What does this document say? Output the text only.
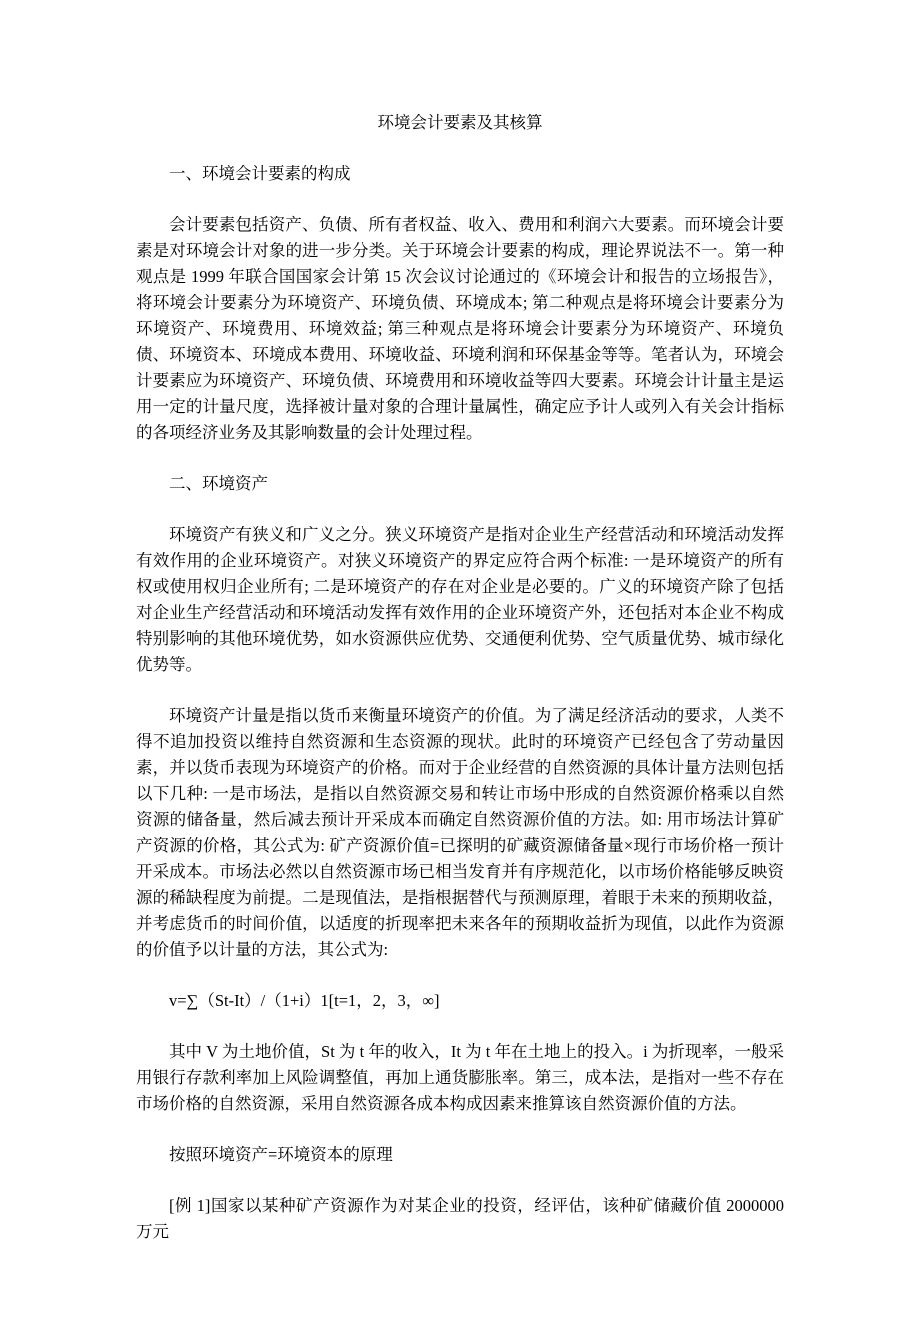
环境会计要素及其核算
一、环境会计要素的构成
会计要素包括资产、负债、所有者权益、收入、费用和利润六大要素。而环境会计要素是对环境会计对象的进一步分类。关于环境会计要素的构成，理论界说法不一。第一种观点是 1999 年联合国国家会计第 15 次会议讨论通过的《环境会计和报告的立场报告》，将环境会计要素分为环境资产、环境负债、环境成本; 第二种观点是将环境会计要素分为环境资产、环境费用、环境效益; 第三种观点是将环境会计要素分为环境资产、环境负债、环境资本、环境成本费用、环境收益、环境利润和环保基金等等。笔者认为，环境会计要素应为环境资产、环境负债、环境费用和环境收益等四大要素。环境会计计量主是运用一定的计量尺度，选择被计量对象的合理计量属性，确定应予计人或列入有关会计指标的各项经济业务及其影响数量的会计处理过程。
二、环境资产
环境资产有狭义和广义之分。狭义环境资产是指对企业生产经营活动和环境活动发挥有效作用的企业环境资产。对狭义环境资产的界定应符合两个标准: 一是环境资产的所有权或使用权归企业所有; 二是环境资产的存在对企业是必要的。广义的环境资产除了包括对企业生产经营活动和环境活动发挥有效作用的企业环境资产外，还包括对本企业不构成特别影响的其他环境优势，如水资源供应优势、交通便利优势、空气质量优势、城市绿化优势等。
环境资产计量是指以货币来衡量环境资产的价值。为了满足经济活动的要求，人类不得不追加投资以维持自然资源和生态资源的现状。此时的环境资产已经包含了劳动量因素，并以货币表现为环境资产的价格。而对于企业经营的自然资源的具体计量方法则包括以下几种: 一是市场法，是指以自然资源交易和转让市场中形成的自然资源价格乘以自然资源的储备量，然后减去预计开采成本而确定自然资源价值的方法。如: 用市场法计算矿产资源的价格，其公式为: 矿产资源价值=已探明的矿藏资源储备量×现行市场价格一预计开采成本。市场法必然以自然资源市场已相当发育并有序规范化，以市场价格能够反映资源的稀缺程度为前提。二是现值法，是指根据替代与预测原理，着眼于未来的预期收益，并考虑货币的时间价值，以适度的折现率把未来各年的预期收益折为现值，以此作为资源的价值予以计量的方法，其公式为:
v=∑（St-It）/（1+i）1[t=1，2，3，∞]
其中 V 为土地价值，St 为 t 年的收入，It 为 t 年在土地上的投入。i 为折现率，一般采用银行存款利率加上风险调整值，再加上通货膨胀率。第三，成本法，是指对一些不存在市场价格的自然资源，采用自然资源各成本构成因素来推算该自然资源价值的方法。
按照环境资产=环境资本的原理
[例 1]国家以某种矿产资源作为对某企业的投资，经评估，该种矿储藏价值 2000000 万元
